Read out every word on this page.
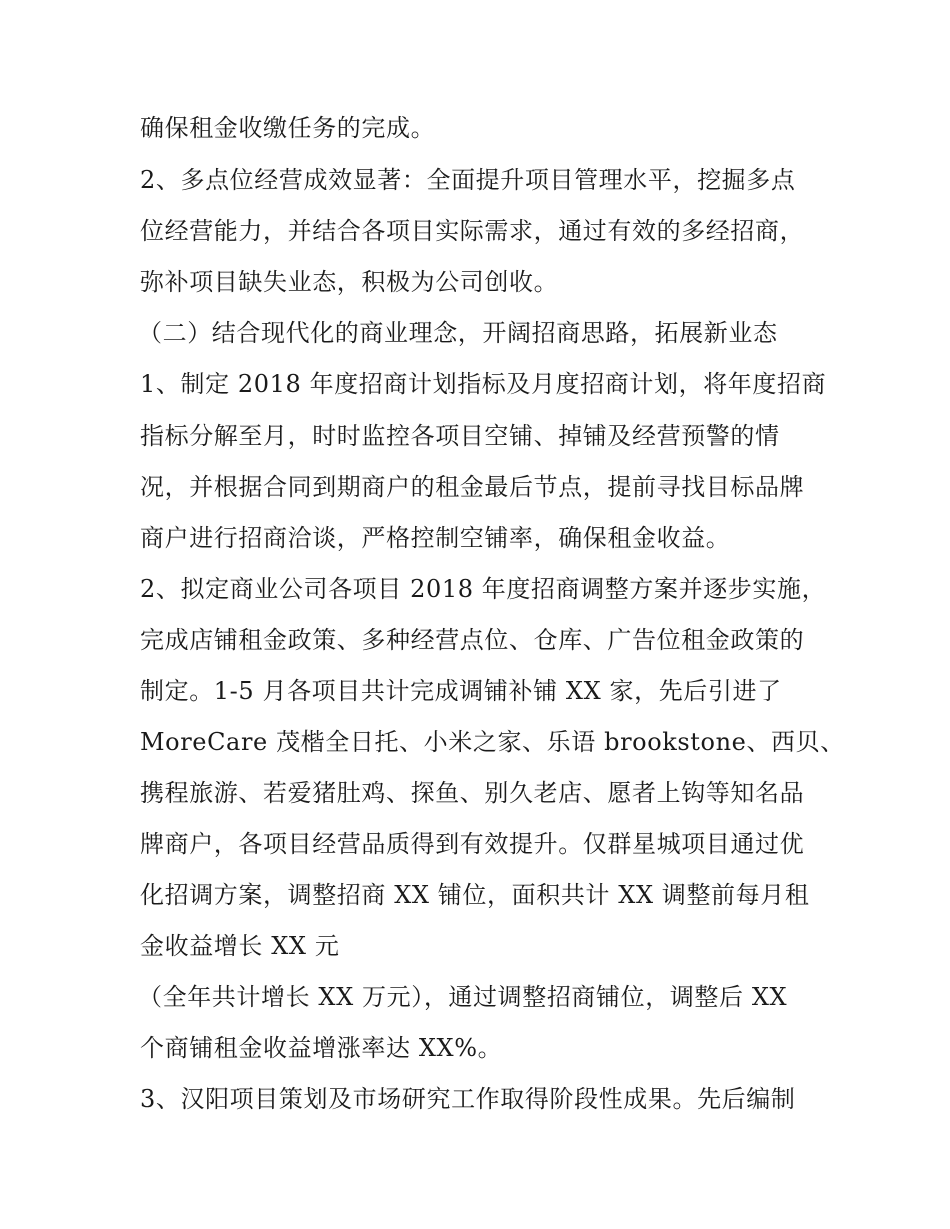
确保租金收缴任务的完成。
2、多点位经营成效显著：全面提升项目管理水平，挖掘多点
位经营能力，并结合各项目实际需求，通过有效的多经招商，
弥补项目缺失业态，积极为公司创收。
（二）结合现代化的商业理念，开阔招商思路，拓展新业态
1、制定 2018 年度招商计划指标及月度招商计划，将年度招商
指标分解至月，时时监控各项目空铺、掉铺及经营预警的情
况，并根据合同到期商户的租金最后节点，提前寻找目标品牌
商户进行招商洽谈，严格控制空铺率，确保租金收益。
2、拟定商业公司各项目 2018 年度招商调整方案并逐步实施，
完成店铺租金政策、多种经营点位、仓库、广告位租金政策的
制定。1-5 月各项目共计完成调铺补铺 XX 家，先后引进了
MoreCare 茂楷全日托、小米之家、乐语 brookstone、西贝、
携程旅游、若爱猪肚鸡、探鱼、别久老店、愿者上钩等知名品
牌商户，各项目经营品质得到有效提升。仅群星城项目通过优
化招调方案，调整招商 XX 铺位，面积共计 XX 调整前每月租
金收益增长 XX 元
（全年共计增长 XX 万元），通过调整招商铺位，调整后 XX
个商铺租金收益增涨率达 XX%。
3、汉阳项目策划及市场研究工作取得阶段性成果。先后编制
